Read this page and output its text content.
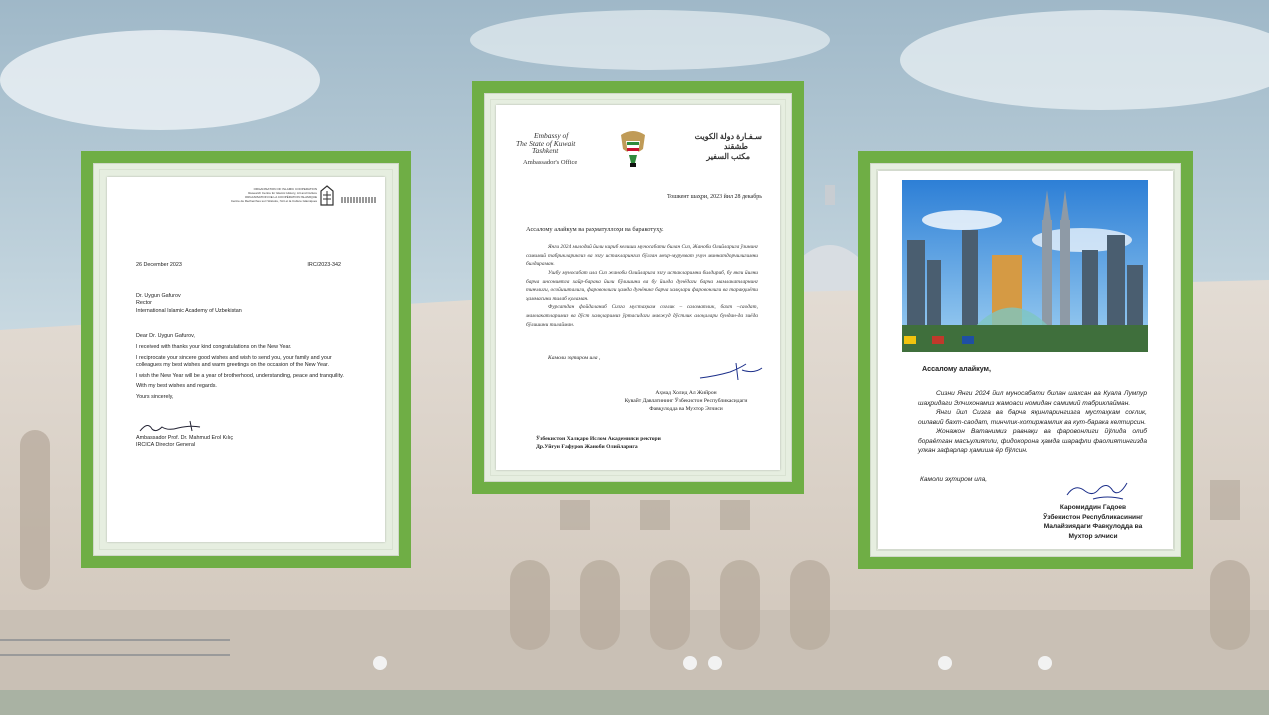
ORGANISATION OF ISLAMIC COOPERATION
Research Centre for Islamic History, Art and Culture
ORGANISATION DE LA COOPÉRATION ISLAMIQUE
Centre de Recherches sur l'Histoire, l'Art et la Culture Islamiques
26 December 2023	IRC/2023-342
Dr. Uygun Gafurov
Rector
International Islamic Academy of Uzbekistan

Dear Dr. Uygun Gafurov,

I received with thanks your kind congratulations on the New Year.

I reciprocate your sincere good wishes and wish to send you, your family and your colleagues my best wishes and warm greetings on the occasion of the New Year.

I wish the New Year will be a year of brotherhood, understanding, peace and tranquility.

With my best wishes and regards.

Yours sincerely,

Ambassador Prof. Dr. Mahmud Erol Kılıç
IRCICA Director General
Embassy of
The State of Kuwait
Tashkent
Ambassador's Office
سـفـارة دولة الكويت
طشقند
مكتب السفير
Тошкент шаҳри, 2023 йил 28 декабрь
Ассалому алайкум ва раҳматуллоҳи ва баракотуҳу.

Янги 2024 милодий йили кириб келиши муносабати билан Сиз, Жаноби Олийларига ўзининг самимий табрикларингиз ва эзгу истакларингиз бўлган мехр-мурувват учун миннатдорчилигимни билдираман.

Ушбу муносабат ила Сиз жаноби Олийларига эзгу истакларимни билдириб, бу янги йилни барча инсониятга хайр-барака йили бўлишини ва бу йилда дунёдаги барча мамлакатларнинг тинчлиги, осойишталиги, фаровонлиги ҳамда дунёнинг барча халқлари фаровонлиги ва тараққиёти ҳаммасини тилаб қоламан.

Фурсатдан фойдаланиб Сизга мустаҳкам соғлик – саломатлик, бахт –саодат, мамлакатларимиз ва дўст халқларимиз ўртасидаги мавжуд дўстлик алоқалари бундан-да зиёда бўлишини тилайман.

Камоли эҳтиром ила ,
Аҳмад Холид Ал Жийрон
Кувайт Давлатининг Ўзбекистон Республикасидаги
Фавқулодда ва Мухтор Элчиси
Ўзбекистон Халқаро Ислом Академияси ректори
Др.Уйғун Ғафуров Жаноби Олийларига
Ассалому алайкум,

Сизни Янги 2024 йил муносабати билан шахсан ва Куала Лумпур шаҳридаги Элчихонамиз жамоаси номидан самимий табриклайман.

Янги йил Сизга ва барча яқинларингизга мустаҳкам соғлик, оилавий бахт-саодат, тинчлик-хотиржамлик ва кут-барака келтирсин.

Жонажон Ватанимиз равнақи ва фаровонлиги йўлида олиб бораётган масъулиятли, фидокорона ҳамда шарафли фаолиятингизда улкан зафарлар ҳамиша ёр бўлсин.

Камоли эҳтиром ила,
Каромиддин Гадоев
Ўзбекистон Республикасининг
Малайзиядаги Фавқулодда ва
Мухтор элчиси
